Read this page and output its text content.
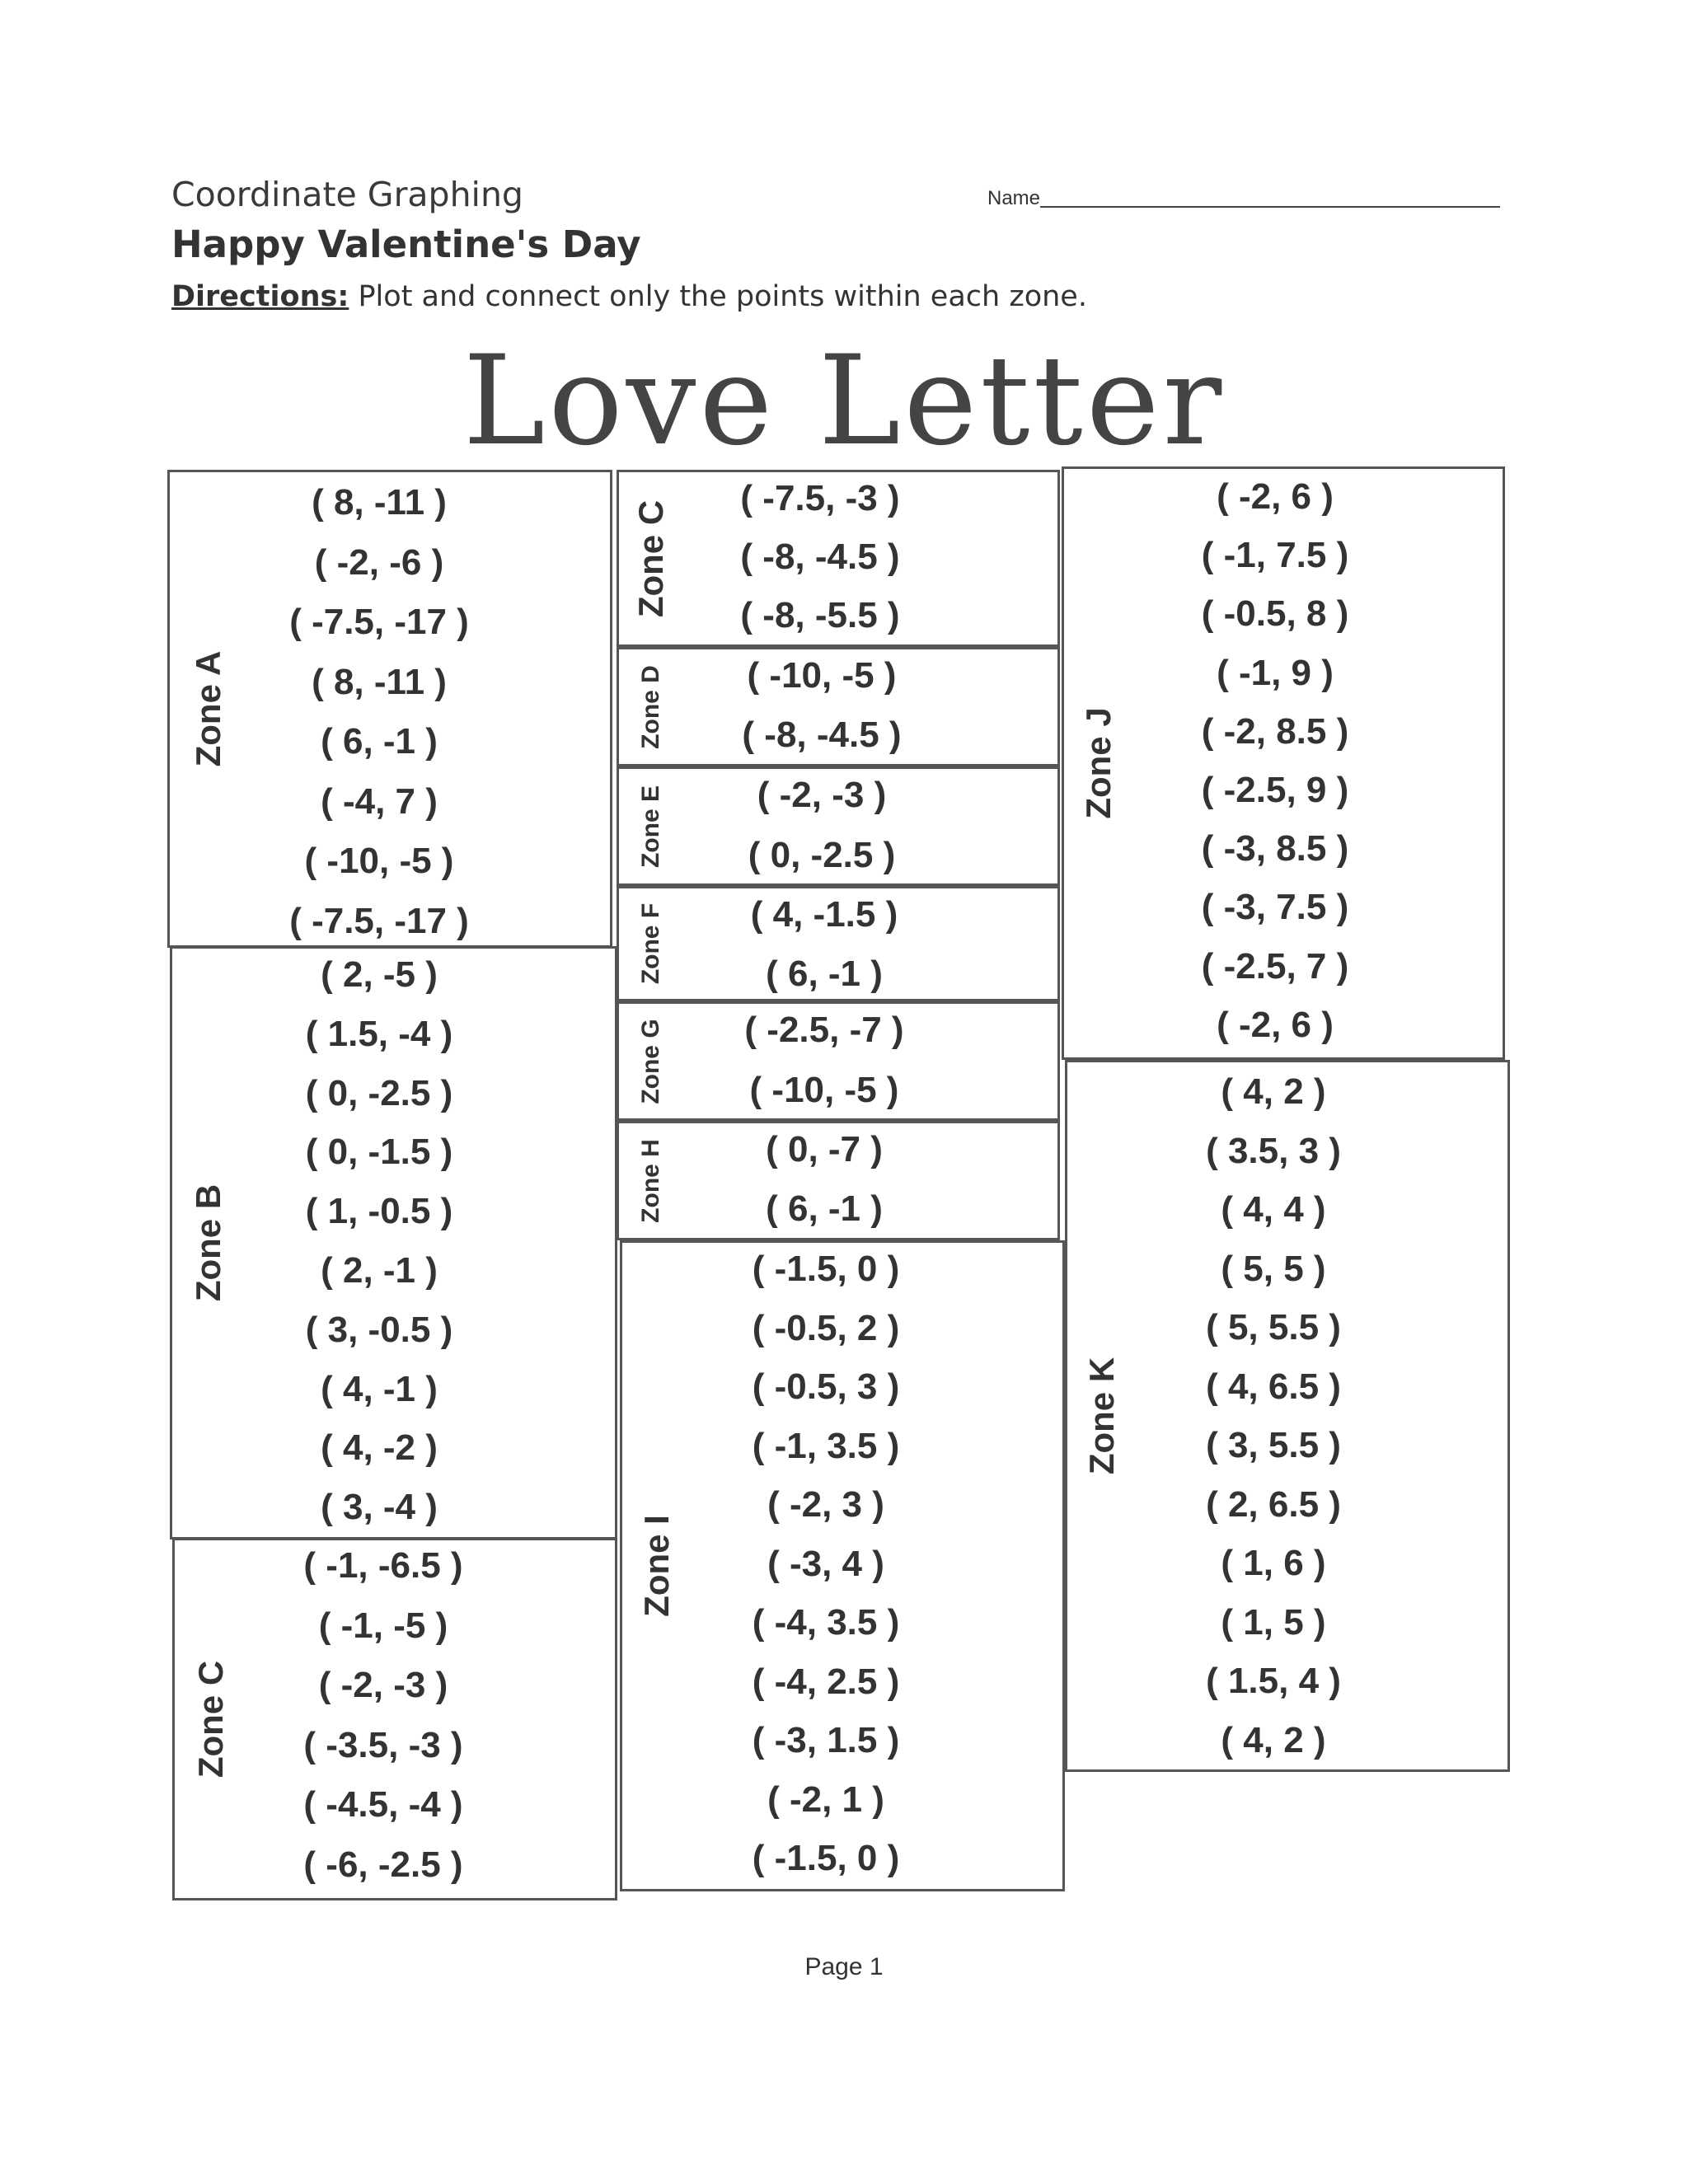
Coordinate Graphing
Happy Valentine's Day
Directions: Plot and connect only the points within each zone.
Name
Love Letter
Zone A
( 8, -11 )
( -2, -6 )
( -7.5, -17 )
( 8, -11 )
( 6, -1 )
( -4, 7 )
( -10, -5 )
( -7.5, -17 )
Zone B
( 2, -5 )
( 1.5, -4 )
( 0, -2.5 )
( 0, -1.5 )
( 1, -0.5 )
( 2, -1 )
( 3, -0.5 )
( 4, -1 )
( 4, -2 )
( 3, -4 )
Zone C
( -1, -6.5 )
( -1, -5 )
( -2, -3 )
( -3.5, -3 )
( -4.5, -4 )
( -6, -2.5 )
Zone C
( -7.5, -3 )
( -8, -4.5 )
( -8, -5.5 )
Zone D ( -10, -5 )
( -8, -4.5 )
Zone E	( -2, -3 )
( 0, -2.5 )
Zone F ( 4, -1.5 )
( 6, -1 )
Zone G ( -2.5, -7 )
( -10, -5 )
Zone H	( 0, -7 )
( 6, -1 )
Zone I
( -1.5, 0 )
( -0.5, 2 )
( -0.5, 3 )
( -1, 3.5 )
( -2, 3 )
( -3, 4 )
( -4, 3.5 )
( -4, 2.5 )
( -3, 1.5 )
( -2, 1 )
( -1.5, 0 )
Zone J
( -2, 6 )
( -1, 7.5 )
( -0.5, 8 )
( -1, 9 )
( -2, 8.5 )
( -2.5, 9 )
( -3, 8.5 )
( -3, 7.5 )
( -2.5, 7 )
( -2, 6 )
Zone K
( 4, 2 )
( 3.5, 3 )
( 4, 4 )
( 5, 5 )
( 5, 5.5 )
( 4, 6.5 )
( 3, 5.5 )
( 2, 6.5 )
( 1, 6 )
( 1, 5 )
( 1.5, 4 )
( 4, 2 )
Page 1
